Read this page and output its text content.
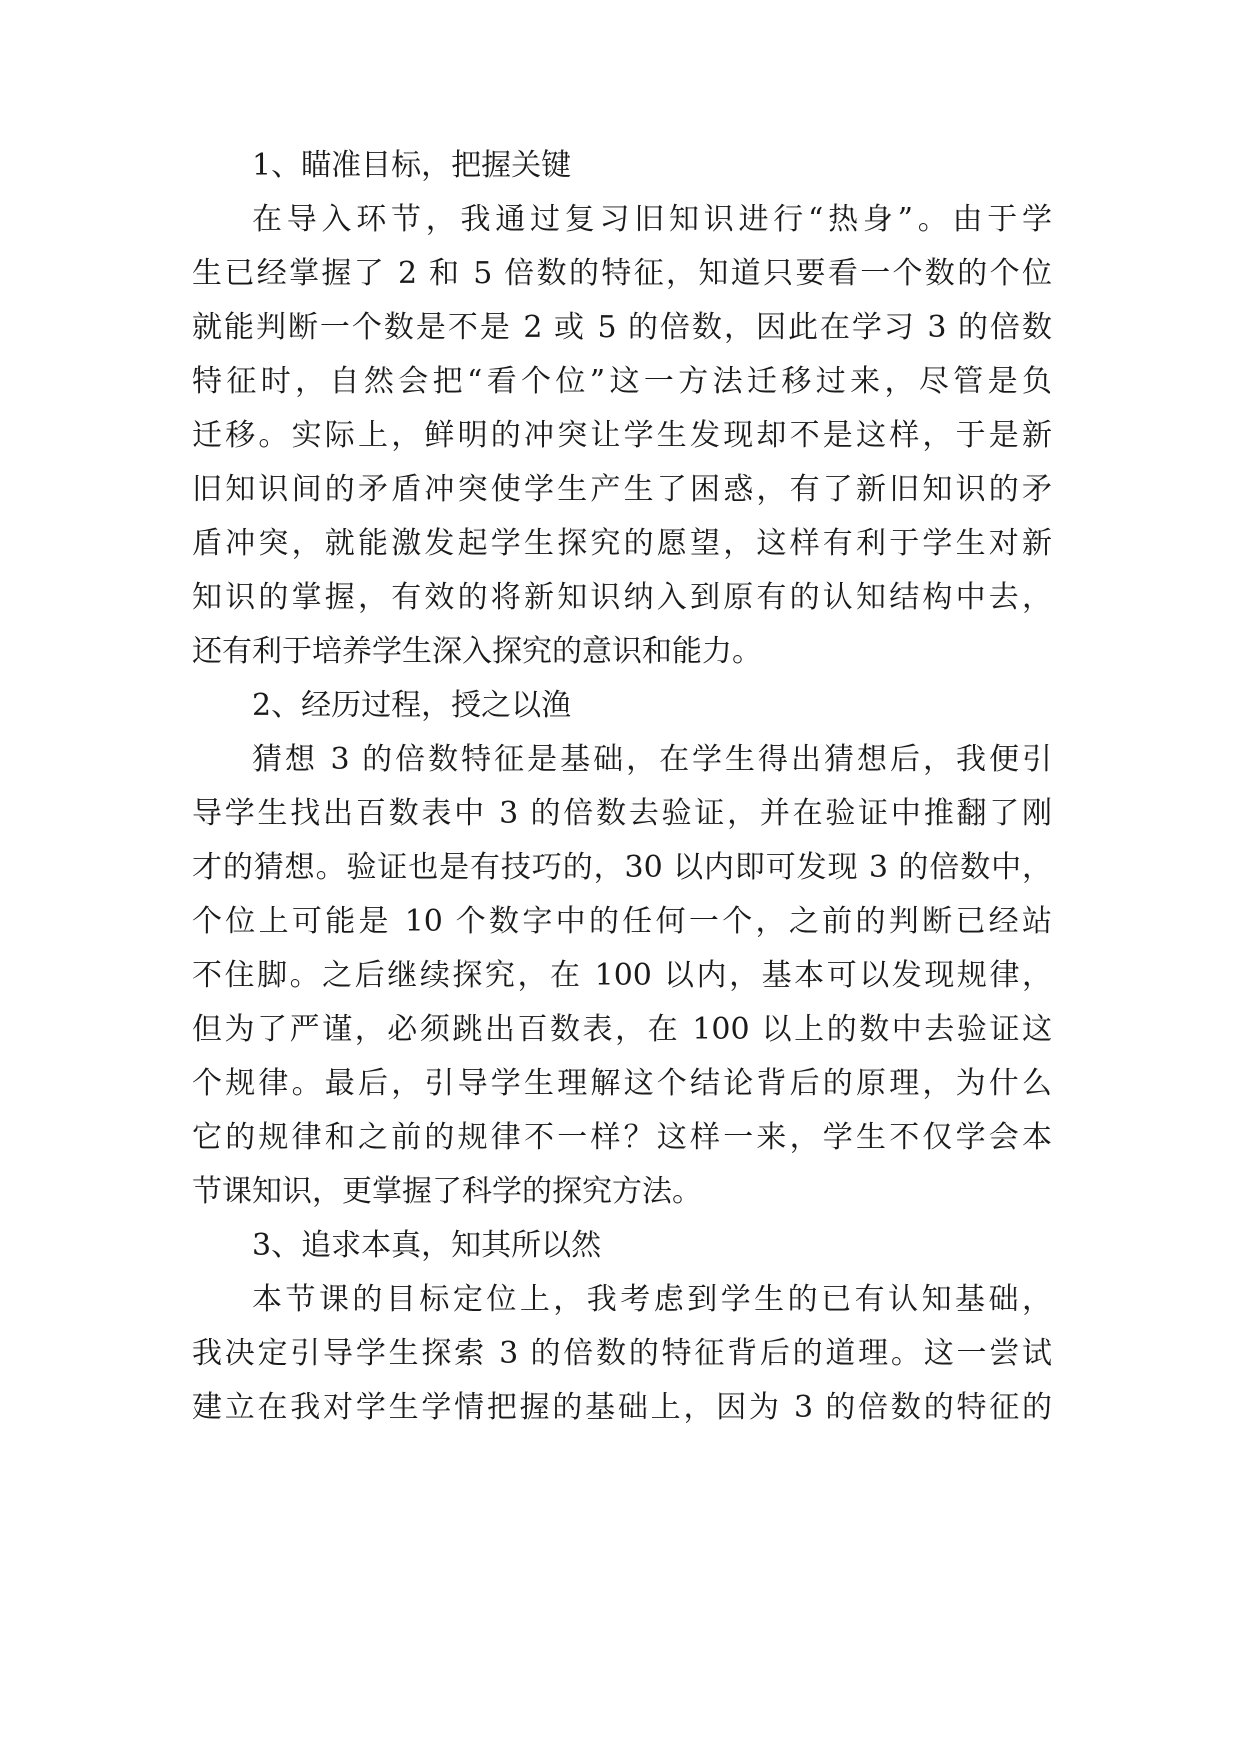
1、瞄准目标，把握关键
在导入环节，我通过复习旧知识进行“热身”。由于学
生已经掌握了 2 和 5 倍数的特征，知道只要看一个数的个位
就能判断一个数是不是 2 或 5 的倍数，因此在学习 3 的倍数
特征时，自然会把“看个位”这一方法迁移过来，尽管是负
迁移。实际上，鲜明的冲突让学生发现却不是这样，于是新
旧知识间的矛盾冲突使学生产生了困惑，有了新旧知识的矛
盾冲突，就能激发起学生探究的愿望，这样有利于学生对新
知识的掌握，有效的将新知识纳入到原有的认知结构中去，
还有利于培养学生深入探究的意识和能力。
2、经历过程，授之以渔
猜想 3 的倍数特征是基础，在学生得出猜想后，我便引
导学生找出百数表中 3 的倍数去验证，并在验证中推翻了刚
才的猜想。验证也是有技巧的，30 以内即可发现 3 的倍数中，
个位上可能是 10 个数字中的任何一个，之前的判断已经站
不住脚。之后继续探究，在 100 以内，基本可以发现规律，
但为了严谨，必须跳出百数表，在 100 以上的数中去验证这
个规律。最后，引导学生理解这个结论背后的原理，为什么
它的规律和之前的规律不一样？这样一来，学生不仅学会本
节课知识，更掌握了科学的探究方法。
3、追求本真，知其所以然
本节课的目标定位上，我考虑到学生的已有认知基础，
我决定引导学生探索 3 的倍数的特征背后的道理。这一尝试
建立在我对学生学情把握的基础上，因为 3 的倍数的特征的
